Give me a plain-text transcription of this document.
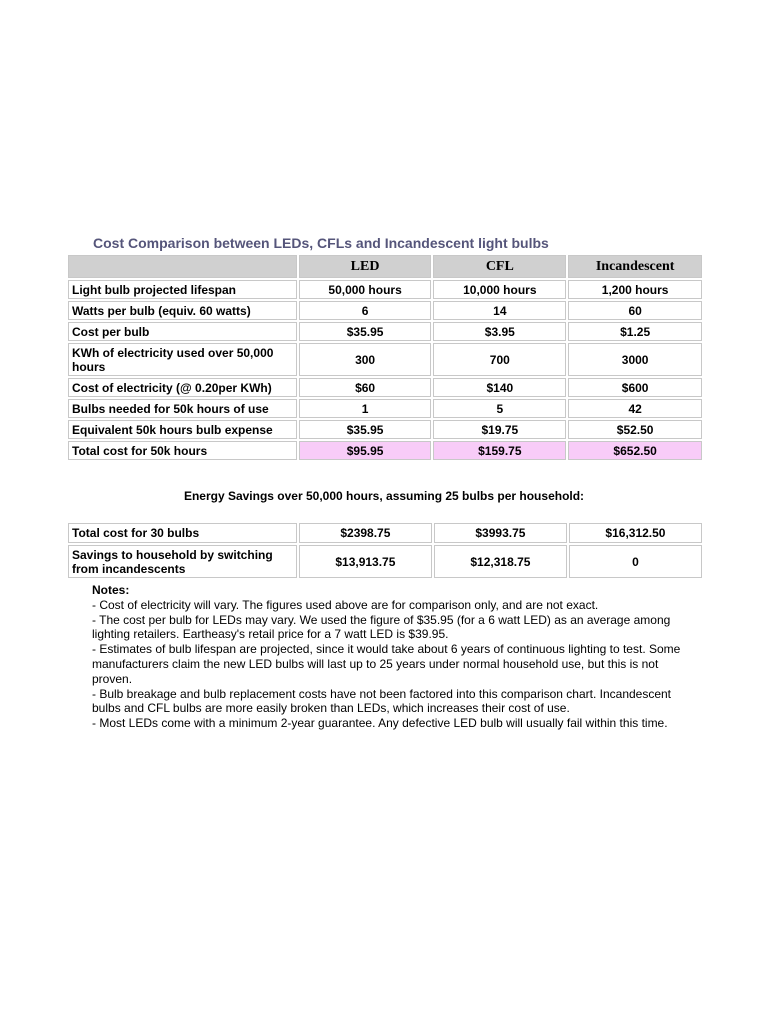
Cost Comparison between LEDs, CFLs and Incandescent light bulbs
	LED	CFL	Incandescent
Light bulb projected lifespan	50,000 hours	10,000 hours	1,200 hours
Watts per bulb (equiv. 60 watts)	6	14	60
Cost per bulb	$35.95	$3.95	$1.25
KWh of electricity used over 50,000 hours	300	700	3000
Cost of electricity (@ 0.20per KWh)	$60	$140	$600
Bulbs needed for 50k hours of use	1	5	42
Equivalent 50k hours bulb expense	$35.95	$19.75	$52.50
Total cost for 50k hours	$95.95	$159.75	$652.50
Energy Savings over 50,000 hours, assuming 25 bulbs per household:
Total cost for 30 bulbs	$2398.75	$3993.75	$16,312.50
Savings to household by switching from incandescents	$13,913.75	$12,318.75	0
Notes:

- Cost of electricity will vary. The figures used above are for comparison only, and are not exact.

- The cost per bulb for LEDs may vary. We used the figure of $35.95 (for a 6 watt LED) as an average among lighting retailers. Eartheasy's retail price for a 7 watt LED is $39.95.

- Estimates of bulb lifespan are projected, since it would take about 6 years of continuous lighting to test. Some manufacturers claim the new LED bulbs will last up to 25 years under normal household use, but this is not proven.

- Bulb breakage and bulb replacement costs have not been factored into this comparison chart. Incandescent bulbs and CFL bulbs are more easily broken than LEDs, which increases their cost of use.

- Most LEDs come with a minimum 2-year guarantee. Any defective LED bulb will usually fail within this time.
